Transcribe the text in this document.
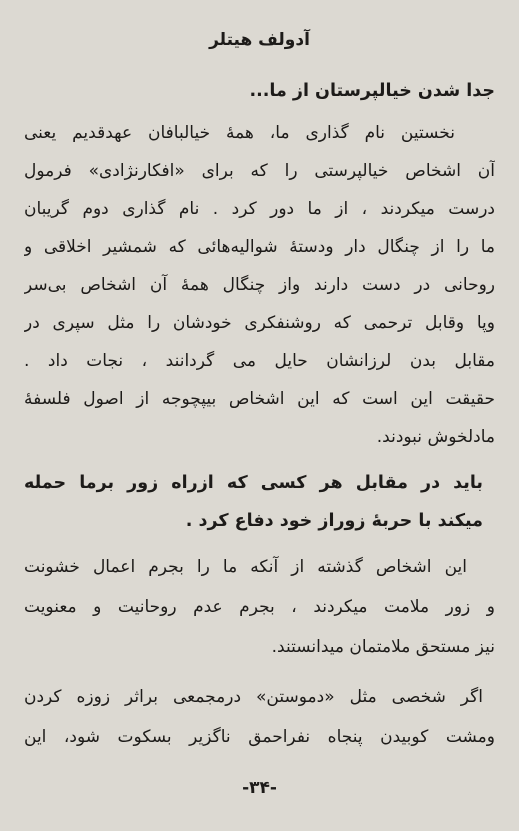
آدولف هیتلر
جدا شدن خیالپرستان از ما...
نخستین نام گذاری ما، همهٔ خیالبافان عهدقدیم یعنی
آن اشخاص خیالپرستی را که برای «افکارنژادی» فرمول
درست میکردند ، از ما دور کرد . نام گذاری دوم گریبان
ما را از چنگال دار ودستهٔ شوالیه‌هائی که شمشیر اخلاقی و
روحانی در دست دارند واز چنگال همهٔ آن اشخاص بی‌سر
وپا وقابل ترحمی که روشنفکری خودشان را مثل سپری در
مقابل بدن لرزانشان حایل می گردانند ، نجات داد .
حقیقت این است که این اشخاص بیپچوجه از اصول فلسفهٔ
مادلخوش نبودند.
باید در مقابل هر کسی که ازراه زور برما حمله
میکند با حربهٔ زوراز خود دفاع کرد .
این اشخاص گذشته از آنکه ما را بجرم اعمال خشونت
و زور ملامت میکردند ، بجرم عدم روحانیت و معنویت
نیز مستحق ملامتمان میدانستند.
اگر شخصی مثل «دموستن» درمجمعی براثر زوزه کردن
ومشت کوبیدن پنجاه نفراحمق ناگزیر بسکوت شود، این
-۳۴-
